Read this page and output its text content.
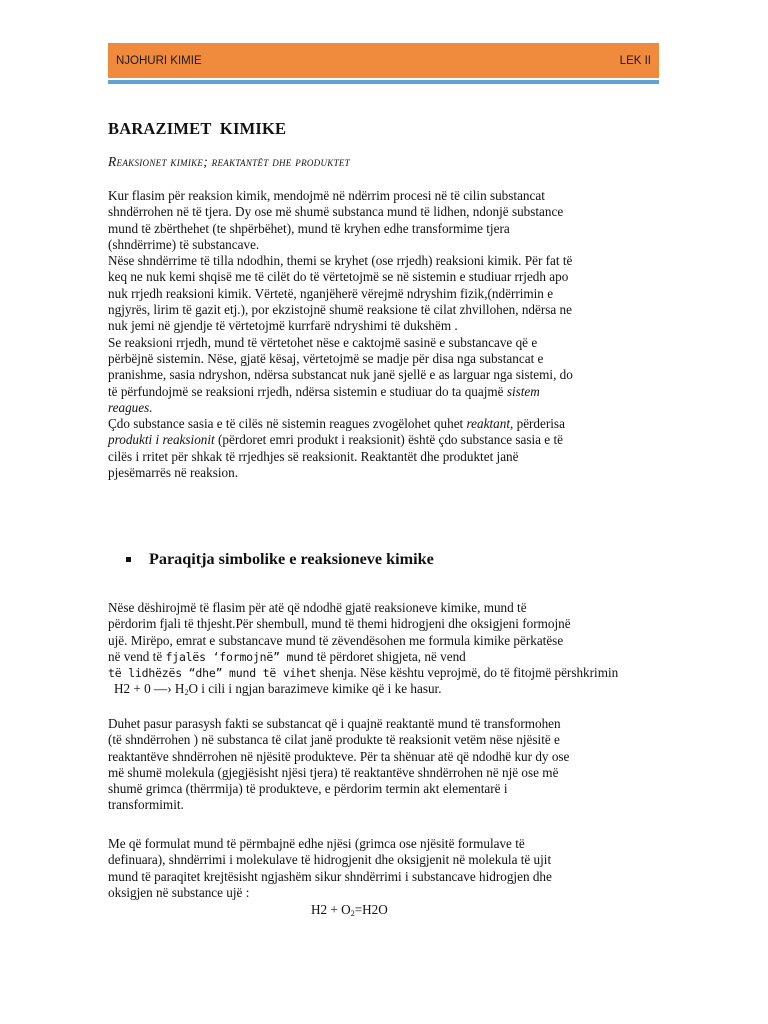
NJOHURI KIMIE	LEK II
BARAZIMET  KIMIKE
Reaksionet kimike; reaktantët dhe produktet

Kur flasim për reaksion kimik, mendojmë në ndërrim procesi në të cilin substancat

shndërrohen në të tjera. Dy ose më shumë substanca mund të lidhen, ndonjë substance

mund të zbërthehet (te shpërbëhet), mund të kryhen edhe transformime tjera

(shndërrime) të substancave.

Nëse shndërrime të tilla ndodhin, themi se kryhet (ose rrjedh) reaksioni kimik. Për fat të

keq ne nuk kemi shqisë me të cilët do të vërtetojmë se në sistemin e studiuar rrjedh apo

nuk rrjedh reaksioni kimik. Vërtetë, nganjëherë vërejmë ndryshim fizik,(ndërrimin e

ngjyrës, lirim të gazit etj.), por ekzistojnë shumë reaksione të cilat zhvillohen, ndërsa ne

nuk jemi në gjendje të vërtetojmë kurrfarë ndryshimi të dukshëm .

Se reaksioni rrjedh, mund të vërtetohet nëse e caktojmë sasinë e substancave që e

përbëjnë sistemin. Nëse, gjatë kësaj, vërtetojmë se madje për disa nga substancat e

pranishme, sasia ndryshon, ndërsa substancat nuk janë sjellë e as larguar nga sistemi, do

të përfundojmë se reaksioni rrjedh, ndërsa sistemin e studiuar do ta quajmë sistem

reagues.

Çdo substance sasia e të cilës në sistemin reagues zvogëlohet quhet reaktant, përderisa

produkti i reaksionit (përdoret emri produkt i reaksionit) është çdo substance sasia e të

cilës i rritet për shkak të rrjedhjes së reaksionit. Reaktantët dhe produktet janë

pjesëmarrës në reaksion.

Paraqitja simbolike e reaksioneve kimike

Nëse dëshirojmë të flasim për atë që ndodhë gjatë reaksioneve kimike, mund të

përdorim fjali të thjesht.Për shembull, mund të themi hidrogjeni dhe oksigjeni formojnë

ujë. Mirëpo, emrat e substancave mund të zëvendësohen me formula kimike përkatëse

në vend të fjalës ‘formojnë” mund të përdoret shigjeta, në vend

të lidhëzës “dhe” mund të vihet shenja. Nëse kështu veprojmë, do të fitojmë përshkrimin

H2 + 0 —› $H_2O$ i cili i ngjan barazimeve kimike që i ke hasur.

Duhet pasur parasysh fakti se substancat që i quajnë reaktantë mund të transformohen

(të shndërrohen ) në substanca të cilat janë produkte të reaksionit vetëm nëse njësitë e

reaktantëve shndërrohen në njësitë produkteve. Për ta shënuar atë që ndodhë kur dy ose

më shumë molekula (gjegjësisht njësi tjera) të reaktantëve shndërrohen në një ose më

shumë grimca (thërrmija) të produkteve, e përdorim termin akt elementarë i

transformimit.

Me që formulat mund të përmbajnë edhe njësi (grimca ose njësitë formulave të

definuara), shndërrimi i molekulave të hidrogjenit dhe oksigjenit në molekula të ujit

mund të paraqitet krejtësisht ngjashëm sikur shndërrimi i substancave hidrogjen dhe

oksigjen në substance ujë :

$H2 + O_2=H2O$
